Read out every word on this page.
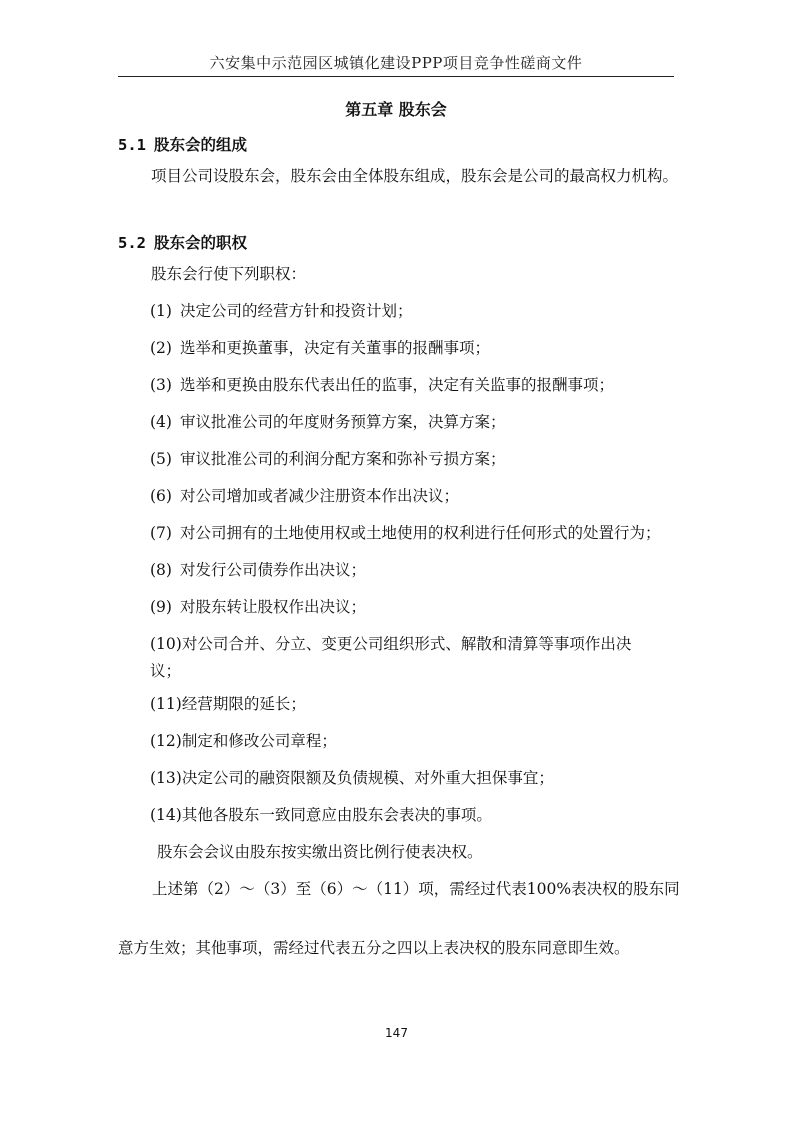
六安集中示范园区城镇化建设PPP项目竞争性磋商文件
第五章 股东会
5.1 股东会的组成

项目公司设股东会，股东会由全体股东组成，股东会是公司的最高权力机构。

5.2 股东会的职权

股东会行使下列职权：

(1) 决定公司的经营方针和投资计划；

(2) 选举和更换董事，决定有关董事的报酬事项；

(3) 选举和更换由股东代表出任的监事，决定有关监事的报酬事项；

(4) 审议批准公司的年度财务预算方案，决算方案；

(5) 审议批准公司的利润分配方案和弥补亏损方案；

(6) 对公司增加或者减少注册资本作出决议；

(7) 对公司拥有的土地使用权或土地使用的权利进行任何形式的处置行为；

(8) 对发行公司债券作出决议；

(9) 对股东转让股权作出决议；

(10)对公司合并、分立、变更公司组织形式、解散和清算等事项作出决议；

(11)经营期限的延长；

(12)制定和修改公司章程；

(13)决定公司的融资限额及负债规模、对外重大担保事宜；

(14)其他各股东一致同意应由股东会表决的事项。

股东会会议由股东按实缴出资比例行使表决权。

上述第（2）～（3）至（6）～（11）项，需经过代表100%表决权的股东同

意方生效；其他事项，需经过代表五分之四以上表决权的股东同意即生效。

147
